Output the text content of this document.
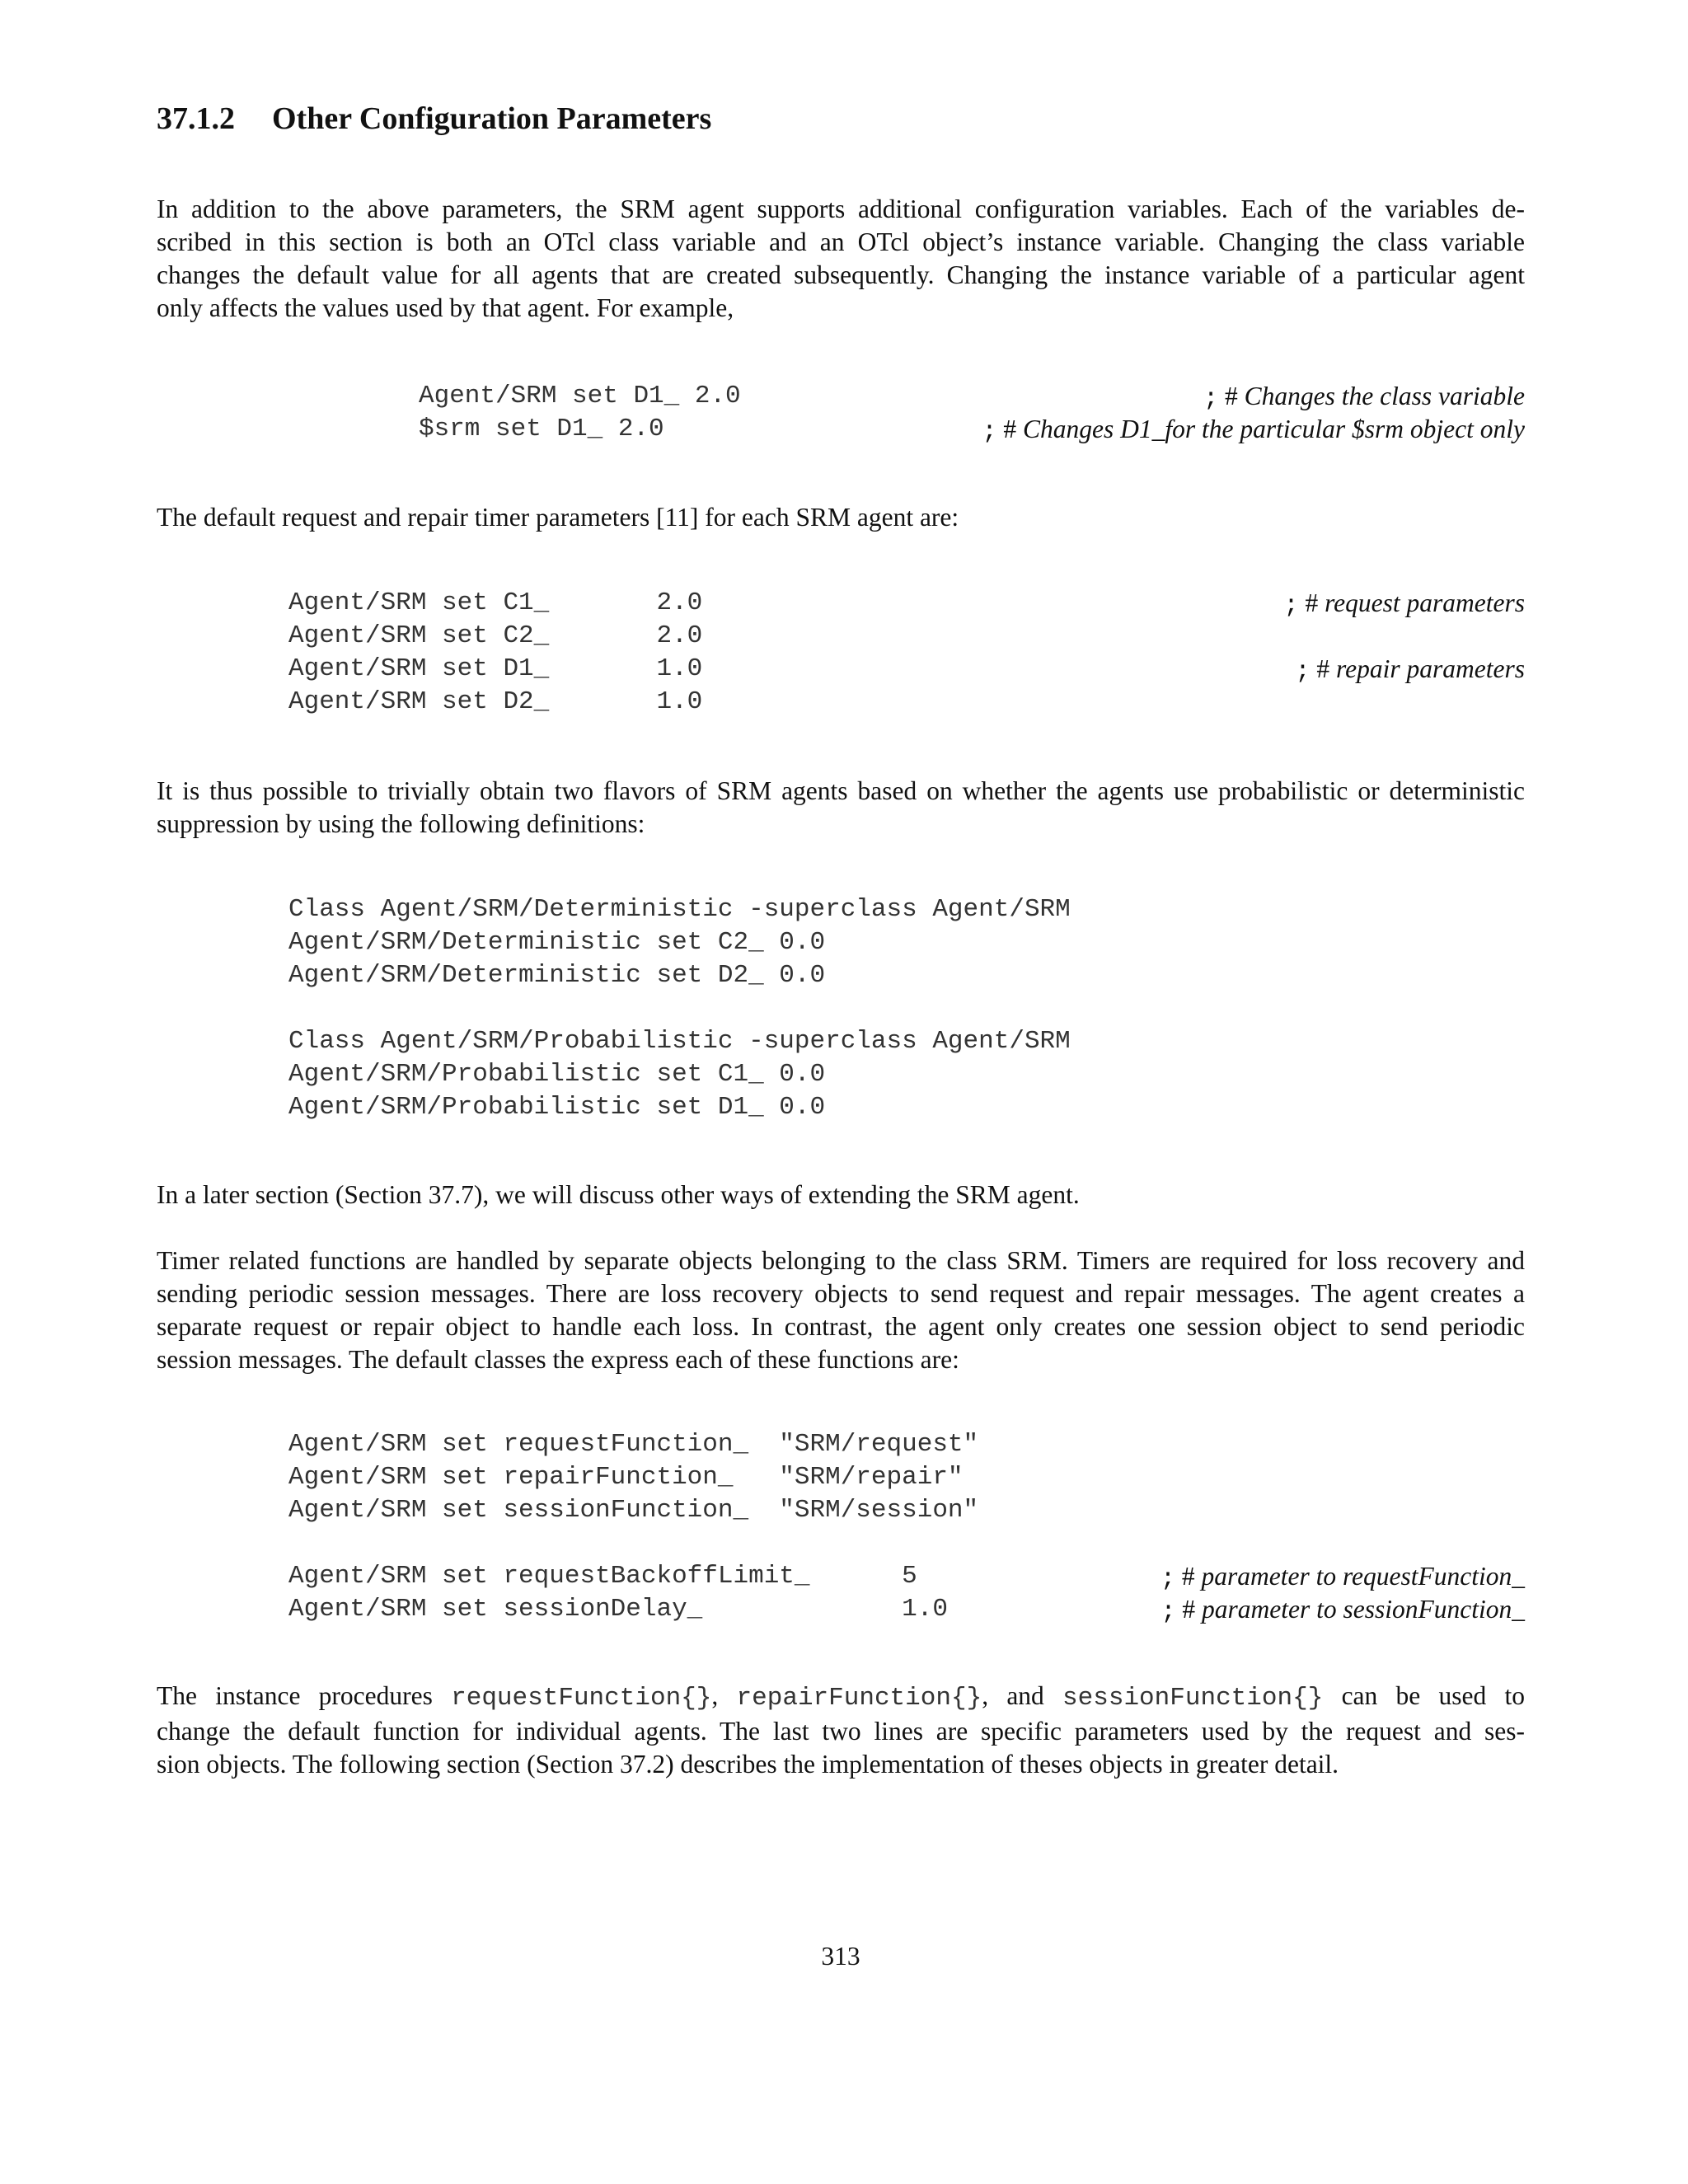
37.1.2 Other Configuration Parameters

In addition to the above parameters, the SRM agent supports additional configuration variables. Each of the variables de-
scribed in this section is both an OTcl class variable and an OTcl object’s instance variable. Changing the class variable
changes the default value for all agents that are created subsequently. Changing the instance variable of a particular agent
only affects the values used by that agent. For example,

Agent/SRM set D1_ 2.0	; # Changes the class variable
$srm set D1_ 2.0	; # Changes D1_for the particular $srm object only

The default request and repair timer parameters [11] for each SRM agent are:

Agent/SRM set C1_       2.0	; # request parameters
Agent/SRM set C2_       2.0
Agent/SRM set D1_       1.0	; # repair parameters
Agent/SRM set D2_       1.0

It is thus possible to trivially obtain two flavors of SRM agents based on whether the agents use probabilistic or deterministic
suppression by using the following definitions:

Class Agent/SRM/Deterministic -superclass Agent/SRM
Agent/SRM/Deterministic set C2_ 0.0
Agent/SRM/Deterministic set D2_ 0.0
Class Agent/SRM/Probabilistic -superclass Agent/SRM
Agent/SRM/Probabilistic set C1_ 0.0
Agent/SRM/Probabilistic set D1_ 0.0

In a later section (Section 37.7), we will discuss other ways of extending the SRM agent.

Timer related functions are handled by separate objects belonging to the class SRM. Timers are required for loss recovery and
sending periodic session messages. There are loss recovery objects to send request and repair messages. The agent creates a
separate request or repair object to handle each loss. In contrast, the agent only creates one session object to send periodic
session messages. The default classes the express each of these functions are:

Agent/SRM set requestFunction_  "SRM/request"
Agent/SRM set repairFunction_   "SRM/repair"
Agent/SRM set sessionFunction_  "SRM/session"
Agent/SRM set requestBackoffLimit_      5	; # parameter to requestFunction_
Agent/SRM set sessionDelay_             1.0	; # parameter to sessionFunction_

The instance procedures requestFunction{}, repairFunction{}, and sessionFunction{} can be used to
change the default function for individual agents. The last two lines are specific parameters used by the request and ses-
sion objects. The following section (Section 37.2) describes the implementation of theses objects in greater detail.

313
